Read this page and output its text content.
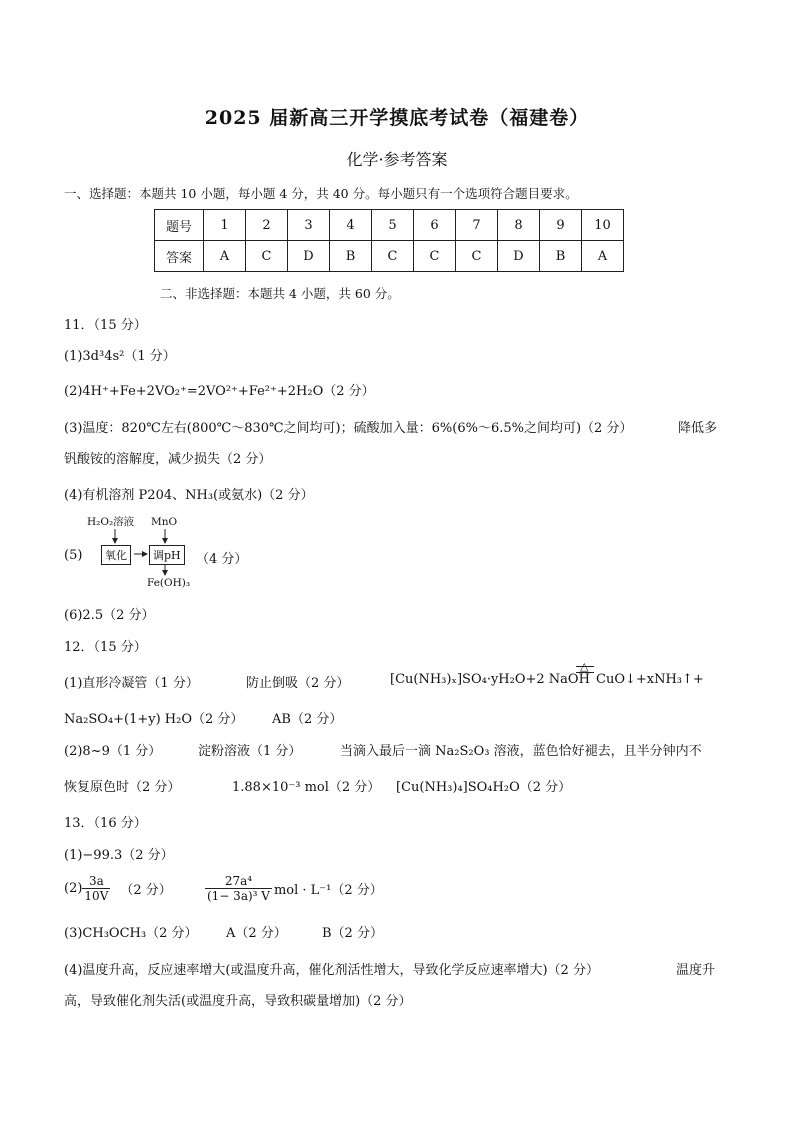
2025 届新高三开学摸底考试卷（福建卷）
化学·参考答案
一、选择题：本题共 10 小题，每小题 4 分，共 40 分。每小题只有一个选项符合题目要求。
题号	1	2	3	4	5	6	7	8	9	10
答案	A	C	D	B	C	C	C	D	B	A
二、非选择题：本题共 4 小题，共 60 分。
11．（15 分）
(1)3d³4s²（1 分）
(2)4H⁺+Fe+2VO₂⁺=2VO²⁺+Fe²⁺+2H₂O（2 分）
(3)温度：820℃左右(800℃～830℃之间均可)；硫酸加入量：6%(6%～6.5%之间均可)（2 分）	降低多
钒酸铵的溶解度，减少损失（2 分）
(4)有机溶剂 P204、NH₃(或氨水)（2 分）
(5)
H₂O₂溶液 MnO
氧化	调pH
Fe(OH)₃
（4 分）
(6)2.5（2 分）
12．（15 分）
(1)直形冷凝管（1 分）	防止倒吸（2 分）	[Cu(NH₃)ₓ]SO₄·yH₂O+2 NaOH
△
CuO↓+xNH₃↑+
Na₂SO₄+(1+y) H₂O（2 分） AB（2 分）
(2)8~9（1 分）	淀粉溶液（1 分）	当滴入最后一滴 Na₂S₂O₃ 溶液，蓝色恰好褪去，且半分钟内不
恢复原色时（2 分）	1.88×10⁻³ mol（2 分） [Cu(NH₃)₄]SO₄H₂O（2 分）
13．（16 分）
(1)−99.3（2 分）
$(2) \frac{3a}{10V} (2$ 分）	$\frac{\text{27a⁴}}{\text{(1− 3a)³ V}}$ mol · L⁻¹（2 分）
(3)CH₃OCH₃（2 分） A（2 分）	B（2 分）
(4)温度升高，反应速率增大(或温度升高，催化剂活性增大，导致化学反应速率增大)（2 分）	温度升
高，导致催化剂失活(或温度升高，导致积碳量增加)（2 分）
